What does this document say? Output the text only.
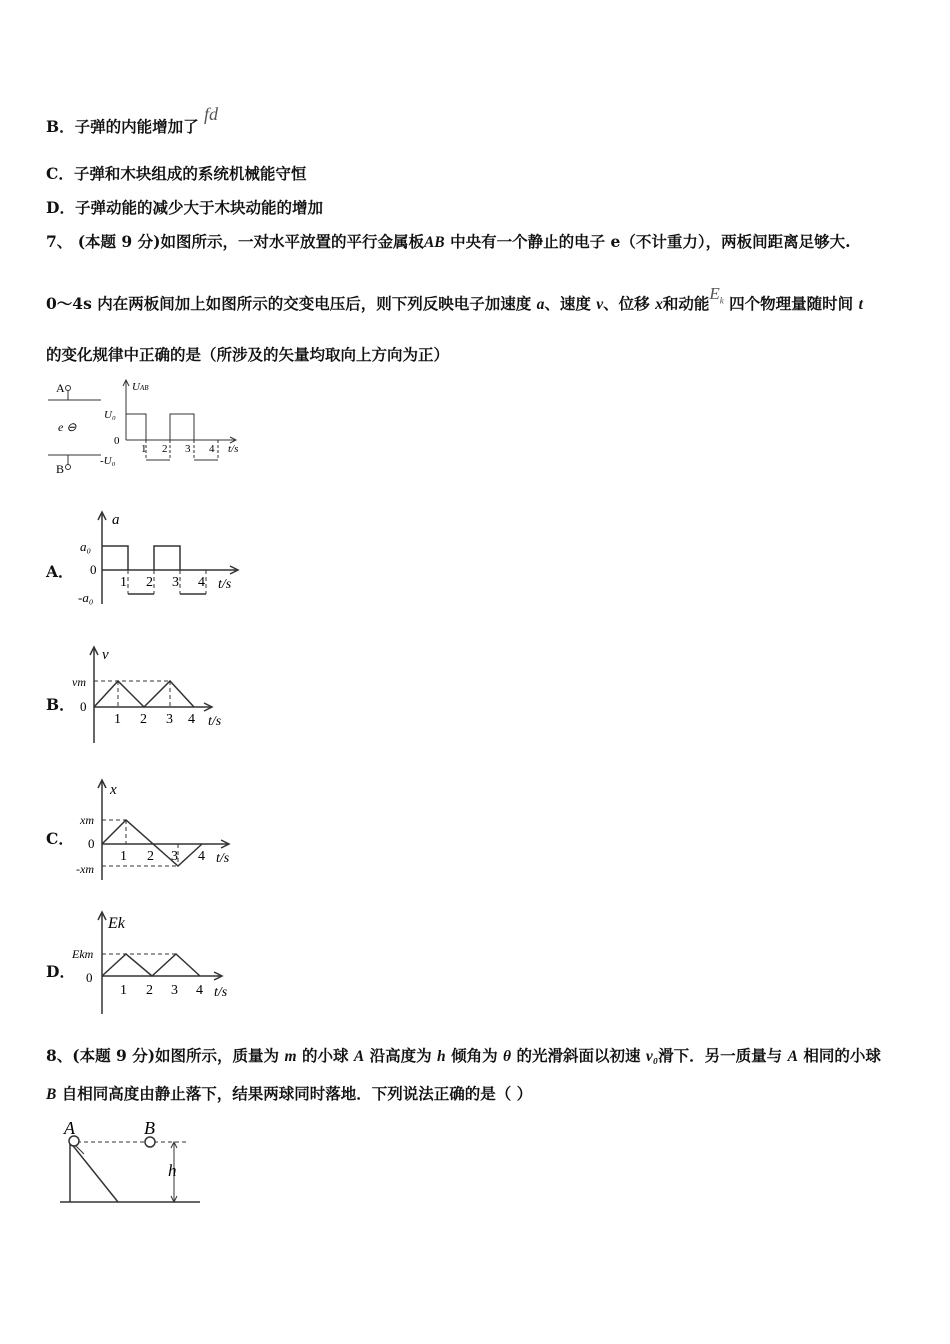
B．子弹的内能增加了 fd
C．子弹和木块组成的系统机械能守恒
D．子弹动能的减少大于木块动能的增加
7、 (本题 9 分)如图所示，一对水平放置的平行金属板AB 中央有一个静止的电子 e（不计重力），两板间距离足够大.
0～4s 内在两板间加上如图所示的交变电压后，则下列反映电子加速度 a、速度 v、位移 x和动能$E_k$ 四个物理量随时间 t
的变化规律中正确的是（所涉及的矢量均取向上方向为正）
A
B
e ⊖
UAB
U₀
0
-U₀
1 2 3 4 t/s
A．
a
a₀
0
-a₀
1 2 3 4 t/s
B．
v
vm
0
1 2 3 4 t/s
C．
x
xm
0
-xm
1 2 3 4 t/s
D．
Ek
Ekm
0
1 2 3 4 t/s
8、(本题 9 分)如图所示，质量为 m 的小球 A 沿高度为 h 倾角为 θ 的光滑斜面以初速 v₀滑下．另一质量与 A 相同的小球
B 自相同高度由静止落下，结果两球同时落地．下列说法正确的是（ ）
A	B
h
